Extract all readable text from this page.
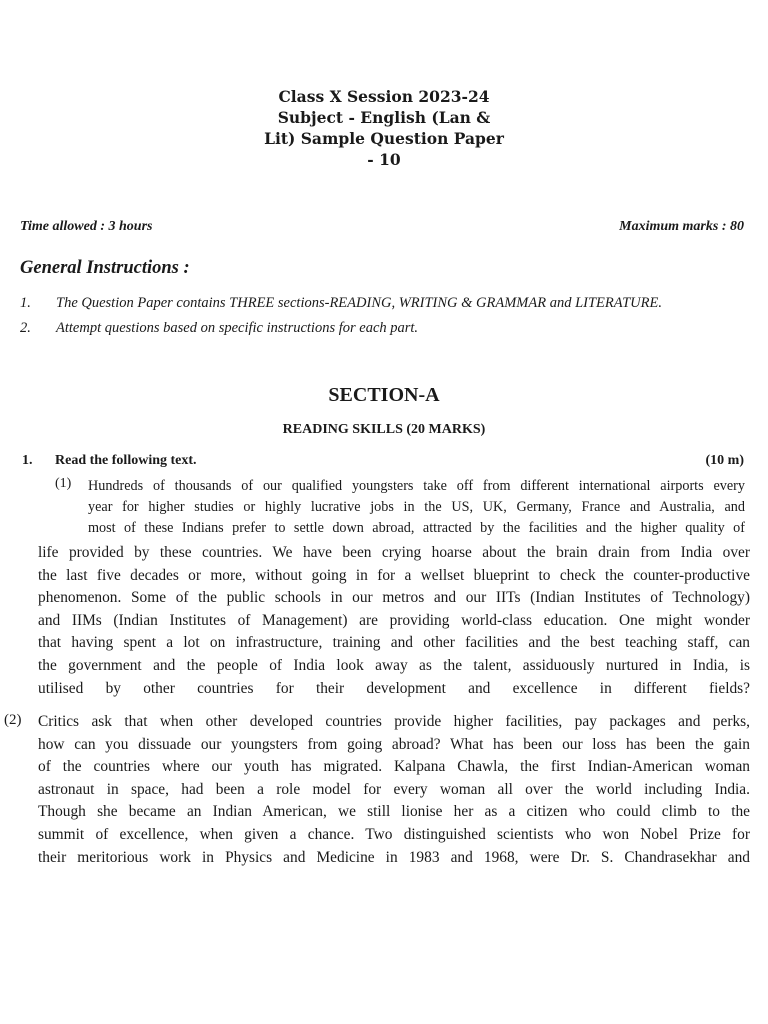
Class X Session 2023-24
Subject - English (Lan &
Lit) Sample Question Paper
- 10
Time allowed : 3 hours	Maximum marks : 80
General Instructions :
1. The Question Paper contains THREE sections-READING, WRITING & GRAMMAR and LITERATURE.
2. Attempt questions based on specific instructions for each part.
SECTION-A
READING SKILLS (20 MARKS)
1. Read the following text.	(10 m)
(1) Hundreds of thousands of our qualified youngsters take off from different international airports every
year for higher studies or highly lucrative jobs in the US, UK, Germany, France and Australia, and
most of these Indians prefer to settle down abroad, attracted by the facilities and the higher quality of
life provided by these countries. We have been crying hoarse about the brain drain from India over
the last five decades or more, without going in for a wellset blueprint to check the counter-productive
phenomenon. Some of the public schools in our metros and our IITs (Indian Institutes of Technology)
and IIMs (Indian Institutes of Management) are providing world-class education. One might wonder
that having spent a lot on infrastructure, training and other facilities and the best teaching staff, can
the government and the people of India look away as the talent, assiduously nurtured in India, is
utilised by other countries for their development and excellence in different fields?
(2) Critics ask that when other developed countries provide higher facilities, pay packages and perks,
how can you dissuade our youngsters from going abroad? What has been our loss has been the gain
of the countries where our youth has migrated. Kalpana Chawla, the first Indian-American woman
astronaut in space, had been a role model for every woman all over the world including India.
Though she became an Indian American, we still lionise her as a citizen who could climb to the
summit of excellence, when given a chance. Two distinguished scientists who won Nobel Prize for
their meritorious work in Physics and Medicine in 1983 and 1968, were Dr. S. Chandrasekhar and
